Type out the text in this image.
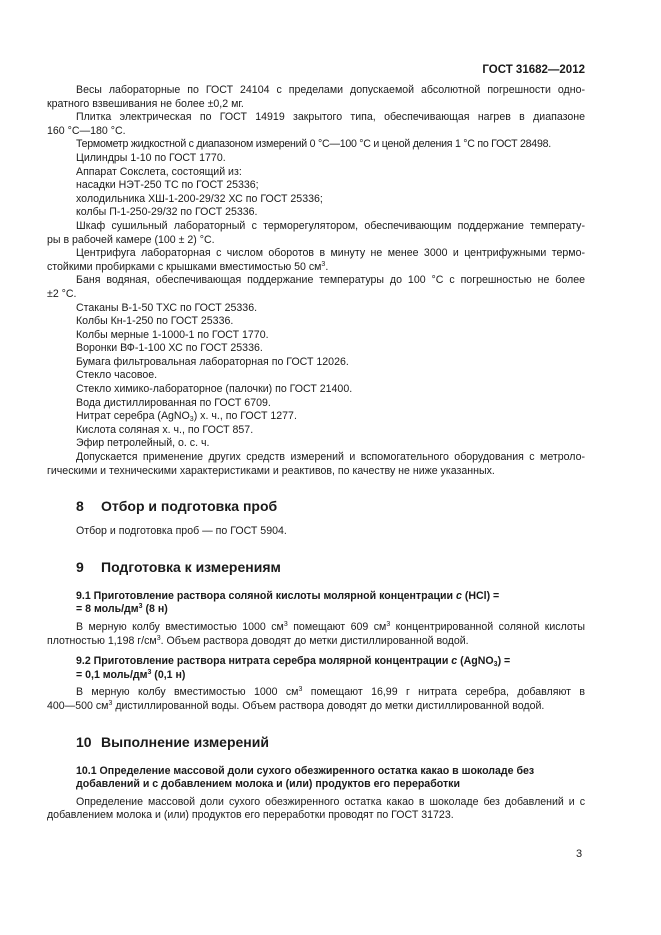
ГОСТ 31682—2012

Весы лабораторные по ГОСТ 24104 с пределами допускаемой абсолютной погрешности одно-

кратного взвешивания не более ±0,2 мг.

Плитка электрическая по ГОСТ 14919 закрытого типа, обеспечивающая нагрев в диапазоне

160 °С—180 °С.

Термометр жидкостной с диапазоном измерений 0 °С—100 °С и ценой деления 1 °С по ГОСТ 28498.

Цилиндры 1-10 по ГОСТ 1770.

Аппарат Сокслета, состоящий из:

насадки НЭТ-250 ТС по ГОСТ 25336;

холодильника ХШ-1-200-29/32 ХС по ГОСТ 25336;

колбы П-1-250-29/32 по ГОСТ 25336.

Шкаф сушильный лабораторный с терморегулятором, обеспечивающим поддержание температу-

ры в рабочей камере (100 ± 2) °С.

Центрифуга лабораторная с числом оборотов в минуту не менее 3000 и центрифужными термо-

стойкими пробирками с крышками вместимостью 50 $см^3$.

Баня водяная, обеспечивающая поддержание температуры до 100 °С с погрешностью не более

±2 °С.

Стаканы В-1-50 ТХС по ГОСТ 25336.

Колбы Кн-1-250 по ГОСТ 25336.

Колбы мерные 1-1000-1 по ГОСТ 1770.

Воронки ВФ-1-100 ХС по ГОСТ 25336.

Бумага фильтровальная лабораторная по ГОСТ 12026.

Стекло часовое.

Стекло химико-лабораторное (палочки) по ГОСТ 21400.

Вода дистиллированная по ГОСТ 6709.

Нитрат серебра (AgNO$_3$) х. ч., по ГОСТ 1277.

Кислота соляная х. ч., по ГОСТ 857.

Эфир петролейный, о. с. ч.

Допускается применение других средств измерений и вспомогательного оборудования с метроло-

гическими и техническими характеристиками и реактивов, по качеству не ниже указанных.

8 Отбор и подготовка проб

Отбор и подготовка проб — по ГОСТ 5904.

9 Подготовка к измерениям
9.1 Приготовление раствора соляной кислоты молярной концентрации с (HCl) =
= 8 моль/$дм^3$ (8 н)

В мерную колбу вместимостью 1000 $см^3$ помещают 609 $см^3$ концентрированной соляной кислоты

плотностью 1,198 $г/см^3$. Объем раствора доводят до метки дистиллированной водой.

9.2 Приготовление раствора нитрата серебра молярной концентрации с (AgNO$_3$) =
= 0,1 моль/$дм^3$ (0,1 н)

В мерную колбу вместимостью 1000 $см^3$ помещают 16,99 г нитрата серебра, добавляют в

400—500 $см^3$ дистиллированной воды. Объем раствора доводят до метки дистиллированной водой.

10 Выполнение измерений
10.1 Определение массовой доли сухого обезжиренного остатка какао в шоколаде без
добавлений и с добавлением молока и (или) продуктов его переработки

Определение массовой доли сухого обезжиренного остатка какао в шоколаде без добавлений и с

добавлением молока и (или) продуктов его переработки проводят по ГОСТ 31723.

3
